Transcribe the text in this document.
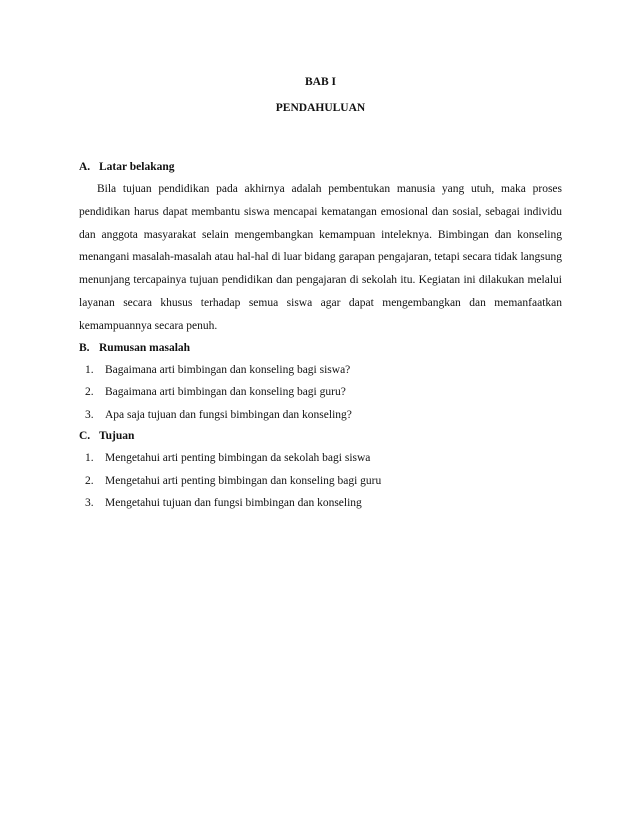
BAB I
PENDAHULUAN
A. Latar belakang

Bila tujuan pendidikan pada akhirnya adalah pembentukan manusia yang utuh, maka proses pendidikan harus dapat membantu siswa mencapai kematangan emosional dan sosial, sebagai individu dan anggota masyarakat selain mengembangkan kemampuan inteleknya. Bimbingan dan konseling menangani masalah-masalah atau hal-hal di luar bidang garapan pengajaran, tetapi secara tidak langsung menunjang tercapainya tujuan pendidikan dan pengajaran di sekolah itu. Kegiatan ini dilakukan melalui layanan secara khusus terhadap semua siswa agar dapat mengembangkan dan memanfaatkan kemampuannya secara penuh.

B. Rumusan masalah
1. Bagaimana arti bimbingan dan konseling bagi siswa?
2. Bagaimana arti bimbingan dan konseling bagi guru?
3. Apa saja tujuan dan fungsi bimbingan dan konseling?
C. Tujuan
1. Mengetahui arti penting bimbingan da sekolah bagi siswa
2. Mengetahui arti penting bimbingan dan konseling bagi guru
3. Mengetahui tujuan dan fungsi bimbingan dan konseling
